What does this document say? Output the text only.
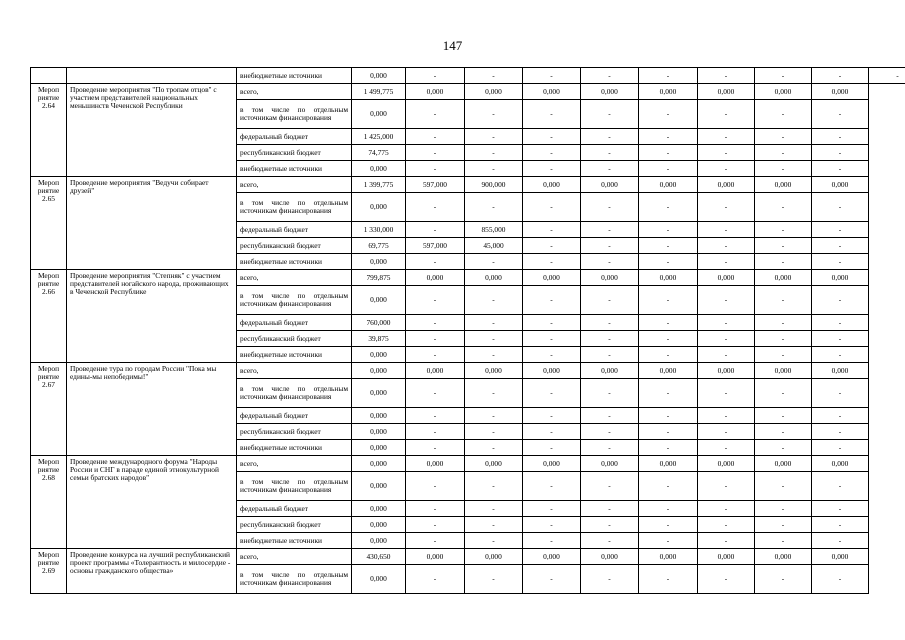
147
		внебюджетные источники	0,000	-	-	-	-	-	-	-	-	-
Мероп
риятие
2.64	Проведение мероприятия "По тропам отцов" с участием представителей национальных меньшинств Чеченской Республики	всего,	1 499,775	0,000	0,000	0,000	0,000	0,000	0,000	0,000	0,000	
		в том числе по отдельным источникам финансирования	0,000	-	-	-	-	-	-	-	-	
		федеральный бюджет	1 425,000	-	-	-	-	-	-	-	-	
		республиканский бюджет	74,775	-	-	-	-	-	-	-	-	
		внебюджетные источники	0,000	-	-	-	-	-	-	-	-	
Мероп
риятие
2.65	Проведение мероприятия "Ведучи собирает друзей"	всего,	1 399,775	597,000	900,000	0,000	0,000	0,000	0,000	0,000	0,000	
		в том числе по отдельным источникам финансирования	0,000	-	-	-	-	-	-	-	-	
		федеральный бюджет	1 330,000	-	855,000	-	-	-	-	-	-	
		республиканский бюджет	69,775	597,000	45,000	-	-	-	-	-	-	
		внебюджетные источники	0,000	-	-	-	-	-	-	-	-	
Мероп
риятие
2.66	Проведение мероприятия "Степняк" с участием представителей ногайского народа, проживающих в Чеченской Республике	всего,	799,875	0,000	0,000	0,000	0,000	0,000	0,000	0,000	0,000	
		в том числе по отдельным источникам финансирования	0,000	-	-	-	-	-	-	-	-	
		федеральный бюджет	760,000	-	-	-	-	-	-	-	-	
		республиканский бюджет	39,875	-	-	-	-	-	-	-	-	
		внебюджетные источники	0,000	-	-	-	-	-	-	-	-	
Мероп
риятие
2.67	Проведение тура по городам России "Пока мы едины-мы непобедимы!"	всего,	0,000	0,000	0,000	0,000	0,000	0,000	0,000	0,000	0,000	
		в том числе по отдельным источникам финансирования	0,000	-	-	-	-	-	-	-	-	
		федеральный бюджет	0,000	-	-	-	-	-	-	-	-	
		республиканский бюджет	0,000	-	-	-	-	-	-	-	-	
		внебюджетные источники	0,000	-	-	-	-	-	-	-	-	
Мероп
риятие
2.68	Проведение международного форума "Народы России и СНГ в параде единой этнокультурной семьи братских народов"	всего,	0,000	0,000	0,000	0,000	0,000	0,000	0,000	0,000	0,000	
		в том числе по отдельным источникам финансирования	0,000	-	-	-	-	-	-	-	-	
		федеральный бюджет	0,000	-	-	-	-	-	-	-	-	
		республиканский бюджет	0,000	-	-	-	-	-	-	-	-	
		внебюджетные источники	0,000	-	-	-	-	-	-	-	-	
Мероп
риятие
2.69	Проведение конкурса на лучший республиканский проект программы «Толерантность и милосердие - основы гражданского общества»	всего,	430,650	0,000	0,000	0,000	0,000	0,000	0,000	0,000	0,000	
		в том числе по отдельным источникам финансирования	0,000	-	-	-	-	-	-	-	-	
